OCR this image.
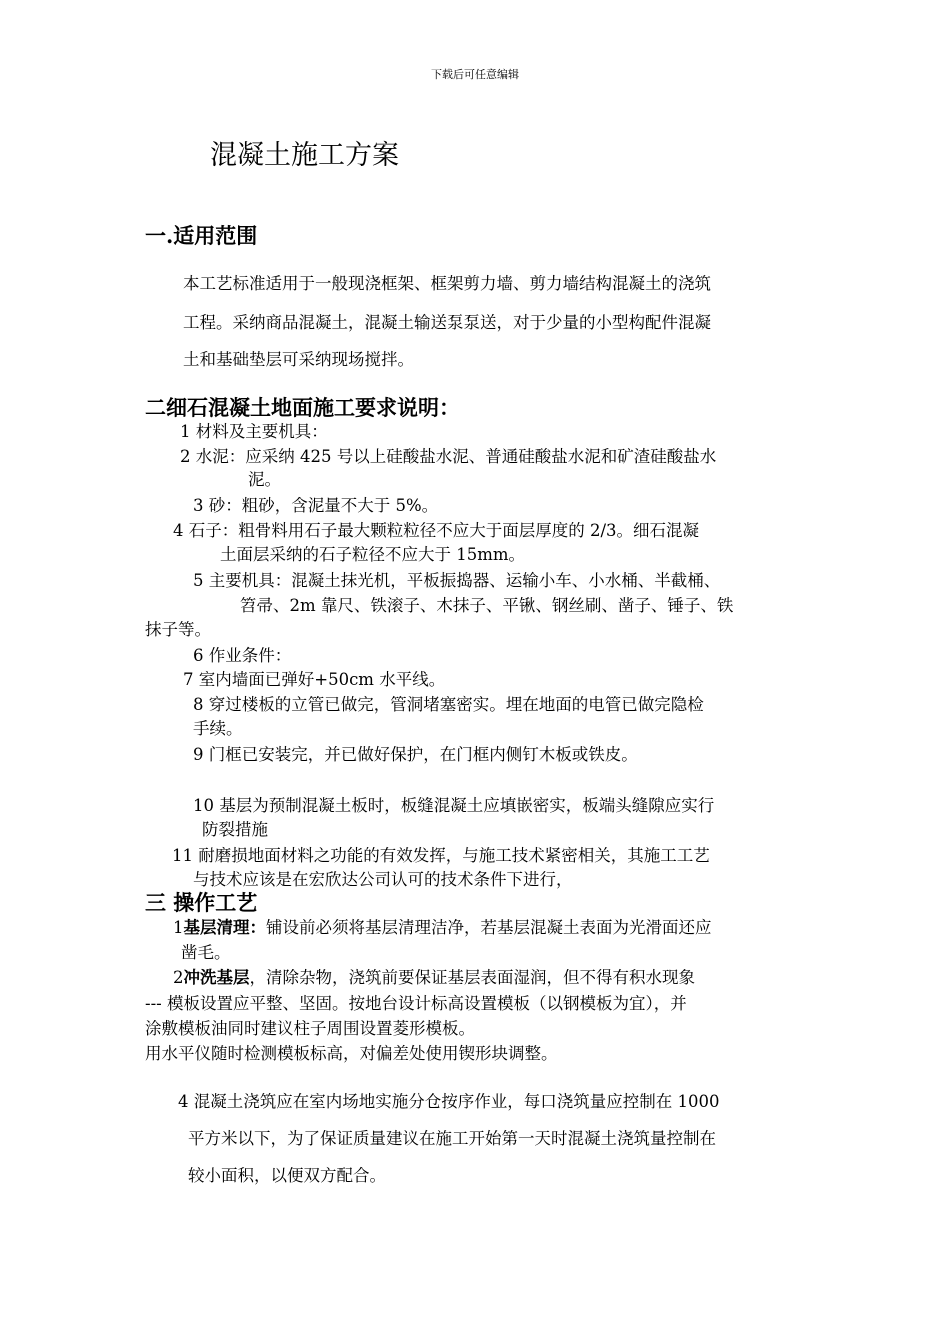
下载后可任意编辑
混凝土施工方案
一.适用范围
本工艺标准适用于一般现浇框架、框架剪力墙、剪力墙结构混凝土的浇筑
工程。采纳商品混凝土，混凝土输送泵泵送，对于少量的小型构配件混凝
土和基础垫层可采纳现场搅拌。
二细石混凝土地面施工要求说明：
1 材料及主要机具：
2 水泥：应采纳 425 号以上硅酸盐水泥、普通硅酸盐水泥和矿渣硅酸盐水
泥。
3 砂：粗砂，含泥量不大于 5%。
4 石子：粗骨料用石子最大颗粒粒径不应大于面层厚度的 2/3。细石混凝
土面层采纳的石子粒径不应大于 15mm。
5 主要机具：混凝土抹光机，平板振捣器、运输小车、小水桶、半截桶、
笤帚、2m 靠尺、铁滚子、木抹子、平锹、钢丝刷、凿子、锤子、铁
抹子等。
6 作业条件：
7 室内墙面已弹好+50cm 水平线。
8 穿过楼板的立管已做完，管洞堵塞密实。埋在地面的电管已做完隐检
手续。
9 门框已安装完，并已做好保护，在门框内侧钉木板或铁皮。
10 基层为预制混凝土板时，板缝混凝土应填嵌密实，板端头缝隙应实行
防裂措施
11 耐磨损地面材料之功能的有效发挥，与施工技术紧密相关，其施工工艺
与技术应该是在宏欣达公司认可的技术条件下进行，
三 操作工艺
1基层清理：铺设前必须将基层清理洁净，若基层混凝土表面为光滑面还应
凿毛。
2冲洗基层，清除杂物，浇筑前要保证基层表面湿润，但不得有积水现象
--- 模板设置应平整、坚固。按地台设计标高设置模板（以钢模板为宜），并
涂敷模板油同时建议柱子周围设置菱形模板。
用水平仪随时检测模板标高，对偏差处使用锲形块调整。
4 混凝土浇筑应在室内场地实施分仓按序作业，每口浇筑量应控制在 1000
平方米以下，为了保证质量建议在施工开始第一天时混凝土浇筑量控制在
较小面积，以便双方配合。
